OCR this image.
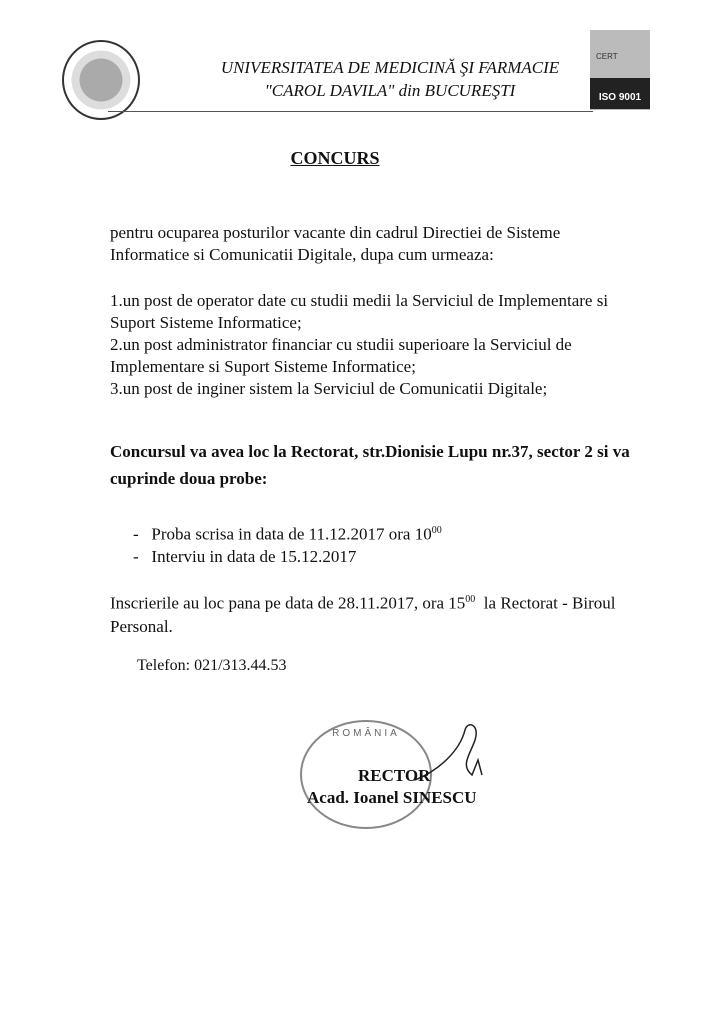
UNIVERSITATEA DE MEDICINĂ ŞI FARMACIE
"CAROL DAVILA" din BUCUREŞTI
CERT
ISO 9001
CONCURS
pentru ocuparea posturilor vacante din cadrul Directiei de Sisteme
Informatice si Comunicatii Digitale, dupa cum urmeaza:
1.un post de operator date cu studii medii la Serviciul de Implementare si
Suport Sisteme Informatice;
2.un post administrator financiar cu studii superioare la Serviciul de
Implementare si Suport Sisteme Informatice;
3.un post de inginer sistem la Serviciul de Comunicatii Digitale;
Concursul va avea loc la Rectorat, str.Dionisie Lupu nr.37, sector 2 si va
cuprinde doua probe:
-   Proba scrisa in data de 11.12.2017 ora $10^{00}$
-   Interviu in data de 15.12.2017
Inscrierile au loc pana pe data de 28.11.2017, ora $15^{00}$  la Rectorat - Biroul
Personal.
Telefon: 021/313.44.53
ROMÂNIA
RECTOR
Acad. Ioanel SINESCU
